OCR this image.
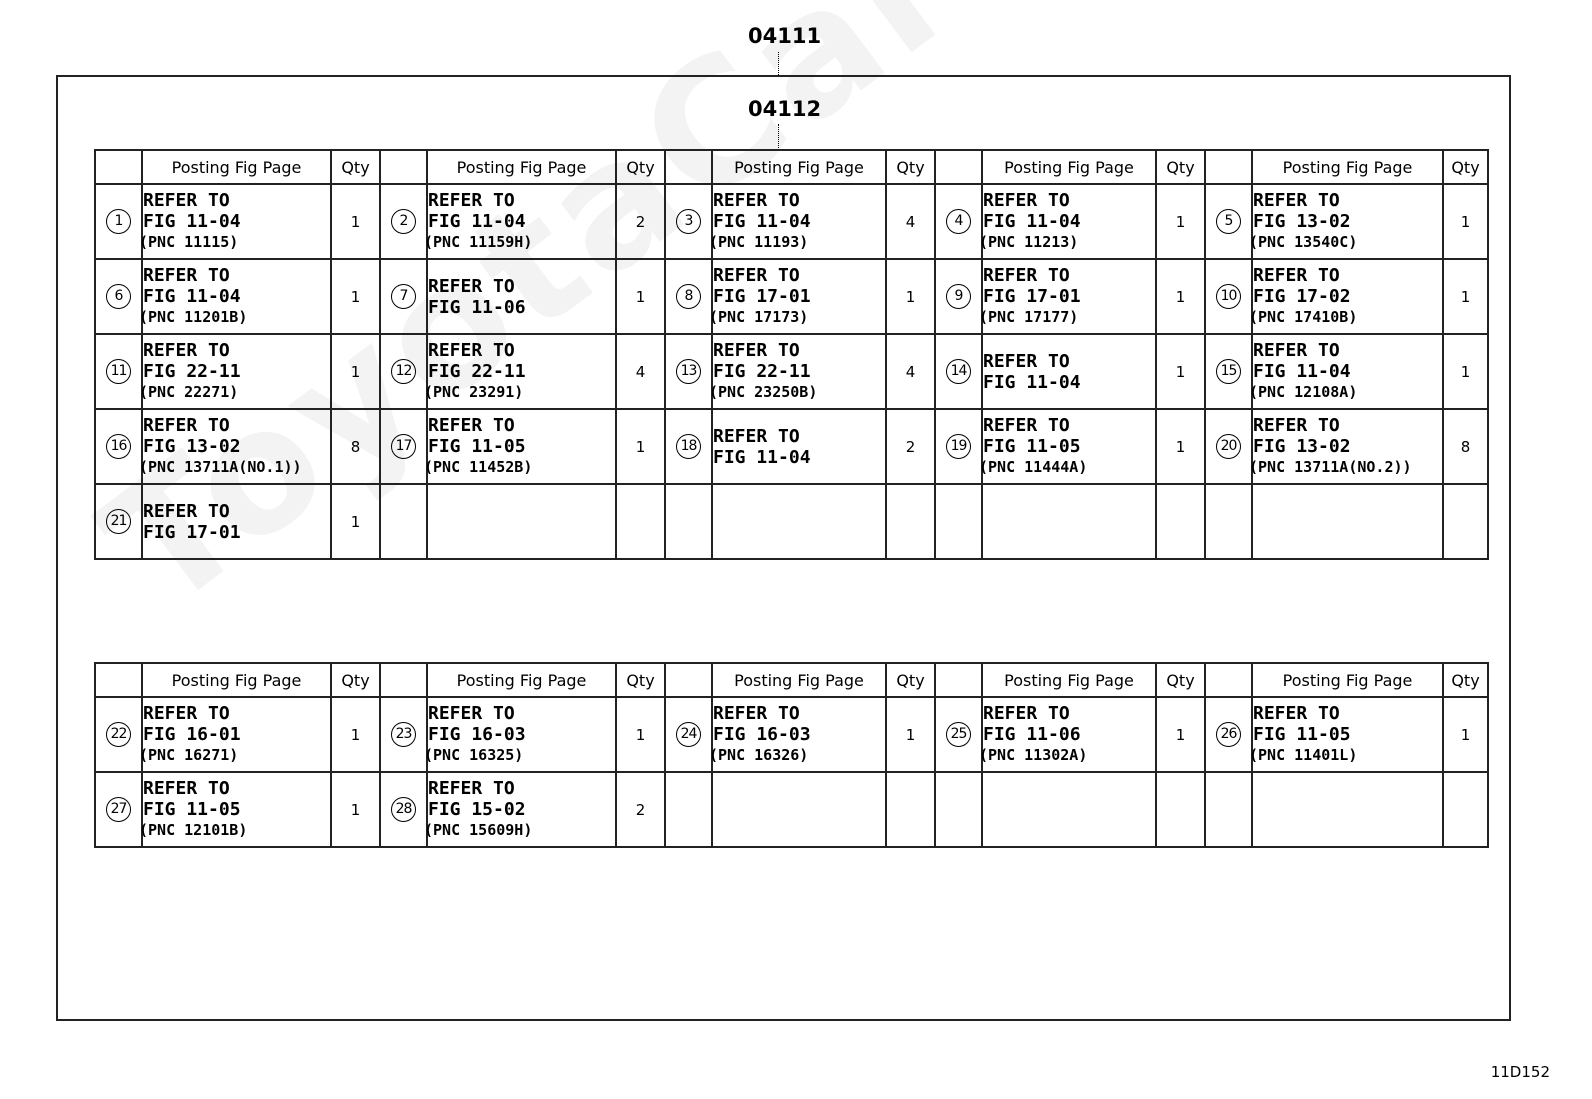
04111
04112
	Posting Fig Page	Qty		Posting Fig Page	Qty		Posting Fig Page	Qty		Posting Fig Page	Qty		Posting Fig Page	Qty
1	REFER TO
FIG 11-04
(PNC 11115)	1	2	REFER TO
FIG 11-04
(PNC 11159H)	2	3	REFER TO
FIG 11-04
(PNC 11193)	4	4	REFER TO
FIG 11-04
(PNC 11213)	1	5	REFER TO
FIG 13-02
(PNC 13540C)	1
6	REFER TO
FIG 11-04
(PNC 11201B)	1	7	REFER TO
FIG 11-06	1	8	REFER TO
FIG 17-01
(PNC 17173)	1	9	REFER TO
FIG 17-01
(PNC 17177)	1	10	REFER TO
FIG 17-02
(PNC 17410B)	1
11	REFER TO
FIG 22-11
(PNC 22271)	1	12	REFER TO
FIG 22-11
(PNC 23291)	4	13	REFER TO
FIG 22-11
(PNC 23250B)	4	14	REFER TO
FIG 11-04	1	15	REFER TO
FIG 11-04
(PNC 12108A)	1
16	REFER TO
FIG 13-02
(PNC 13711A(NO.1))	8	17	REFER TO
FIG 11-05
(PNC 11452B)	1	18	REFER TO
FIG 11-04	2	19	REFER TO
FIG 11-05
(PNC 11444A)	1	20	REFER TO
FIG 13-02
(PNC 13711A(NO.2))	8
21	REFER TO
FIG 17-01	1												
	Posting Fig Page	Qty		Posting Fig Page	Qty		Posting Fig Page	Qty		Posting Fig Page	Qty		Posting Fig Page	Qty
22	REFER TO
FIG 16-01
(PNC 16271)	1	23	REFER TO
FIG 16-03
(PNC 16325)	1	24	REFER TO
FIG 16-03
(PNC 16326)	1	25	REFER TO
FIG 11-06
(PNC 11302A)	1	26	REFER TO
FIG 11-05
(PNC 11401L)	1
27	REFER TO
FIG 11-05
(PNC 12101B)	1	28	REFER TO
FIG 15-02
(PNC 15609H)	2									
11D152
